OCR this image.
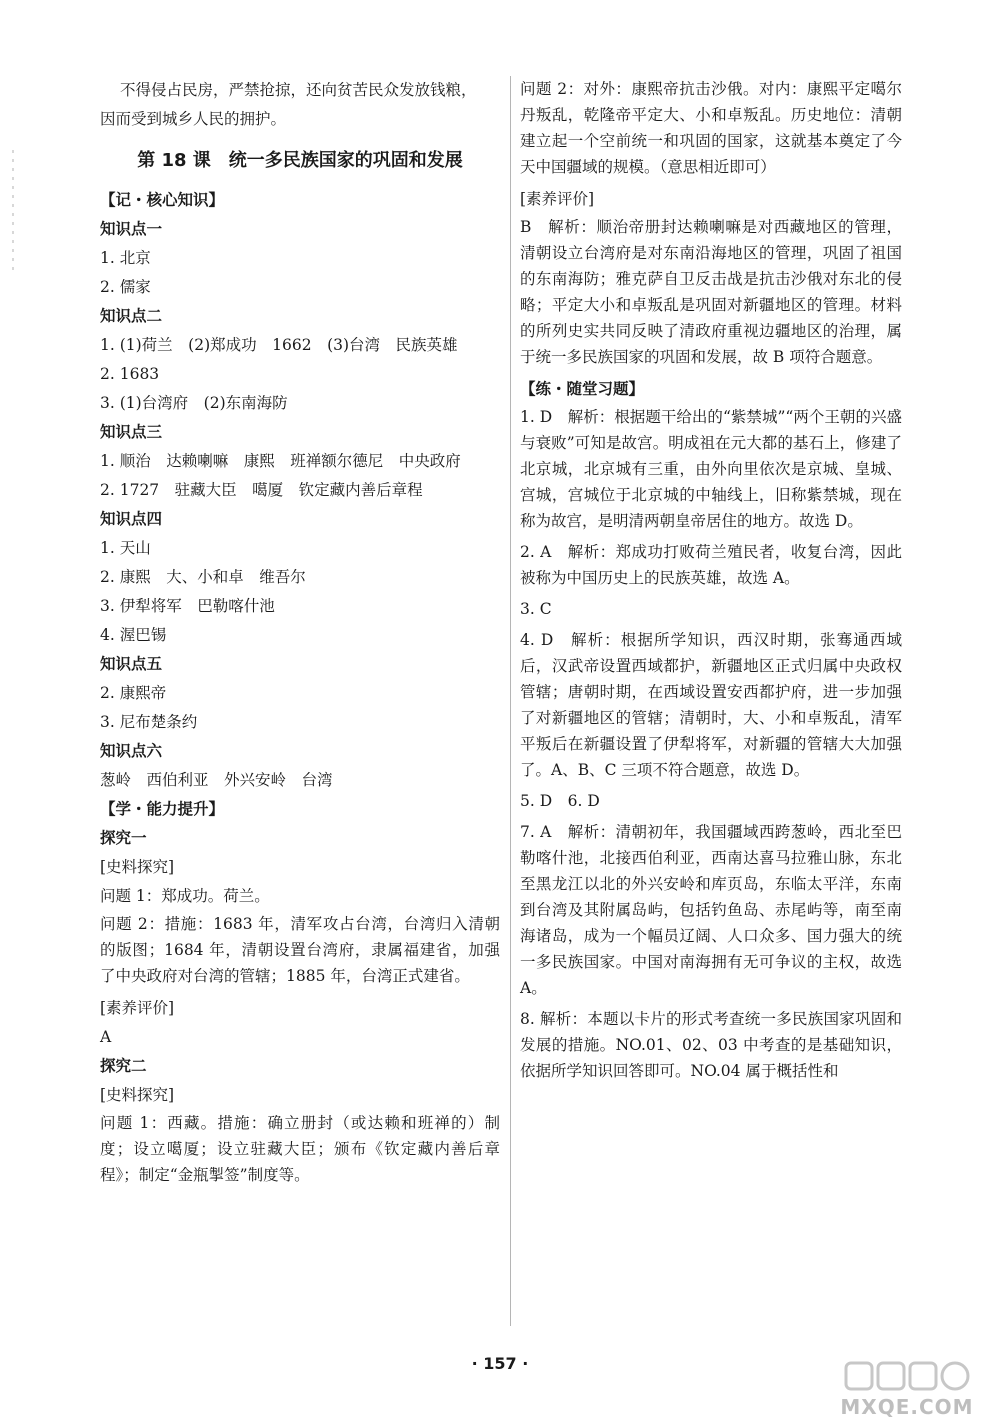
不得侵占民房，严禁抢掠，还向贫苦民众发放钱粮，

因而受到城乡人民的拥护。

第 18 课　统一多民族国家的巩固和发展

【记・核心知识】

知识点一

1. 北京

2. 儒家

知识点二

1. (1)荷兰　(2)郑成功　1662　(3)台湾　民族英雄

2. 1683

3. (1)台湾府　(2)东南海防

知识点三

1. 顺治　达赖喇嘛　康熙　班禅额尔德尼　中央政府

2. 1727　驻藏大臣　噶厦　钦定藏内善后章程

知识点四

1. 天山

2. 康熙　大、小和卓　维吾尔

3. 伊犁将军　巴勒喀什池

4. 渥巴锡

知识点五

2. 康熙帝

3. 尼布楚条约

知识点六

葱岭　西伯利亚　外兴安岭　台湾

【学・能力提升】

探究一

[史料探究]

问题 1：郑成功。荷兰。

问题 2：措施：1683 年，清军攻占台湾，台湾归入清朝的版图；1684 年，清朝设置台湾府，隶属福建省，加强了中央政府对台湾的管辖；1885 年，台湾正式建省。

[素养评价]

A

探究二

[史料探究]

问题 1：西藏。措施：确立册封（或达赖和班禅的）制度；设立噶厦；设立驻藏大臣；颁布《钦定藏内善后章程》；制定“金瓶掣签”制度等。

问题 2：对外：康熙帝抗击沙俄。对内：康熙平定噶尔丹叛乱，乾隆帝平定大、小和卓叛乱。历史地位：清朝建立起一个空前统一和巩固的国家，这就基本奠定了今天中国疆域的规模。（意思相近即可）

[素养评价]

B　解析：顺治帝册封达赖喇嘛是对西藏地区的管理，清朝设立台湾府是对东南沿海地区的管理，巩固了祖国的东南海防；雅克萨自卫反击战是抗击沙俄对东北的侵略；平定大小和卓叛乱是巩固对新疆地区的管理。材料的所列史实共同反映了清政府重视边疆地区的治理，属于统一多民族国家的巩固和发展，故 B 项符合题意。

【练・随堂习题】

1. D　解析：根据题干给出的“紫禁城”“两个王朝的兴盛与衰败”可知是故宫。明成祖在元大都的基石上，修建了北京城，北京城有三重，由外向里依次是京城、皇城、宫城，宫城位于北京城的中轴线上，旧称紫禁城，现在称为故宫，是明清两朝皇帝居住的地方。故选 D。

2. A　解析：郑成功打败荷兰殖民者，收复台湾，因此被称为中国历史上的民族英雄，故选 A。

3. C

4. D　解析：根据所学知识，西汉时期，张骞通西域后，汉武帝设置西域都护，新疆地区正式归属中央政权管辖；唐朝时期，在西域设置安西都护府，进一步加强了对新疆地区的管辖；清朝时，大、小和卓叛乱，清军平叛后在新疆设置了伊犁将军，对新疆的管辖大大加强了。A、B、C 三项不符合题意，故选 D。

5. D　6. D

7. A　解析：清朝初年，我国疆域西跨葱岭，西北至巴勒喀什池，北接西伯利亚，西南达喜马拉雅山脉，东北至黑龙江以北的外兴安岭和库页岛，东临太平洋，东南到台湾及其附属岛屿，包括钓鱼岛、赤尾屿等，南至南海诸岛，成为一个幅员辽阔、人口众多、国力强大的统一多民族国家。中国对南海拥有无可争议的主权，故选 A。

8. 解析：本题以卡片的形式考查统一多民族国家巩固和发展的措施。NO.01、02、03 中考查的是基础知识，依据所学知识回答即可。NO.04 属于概括性和

· 157 ·
MXQE.COM
